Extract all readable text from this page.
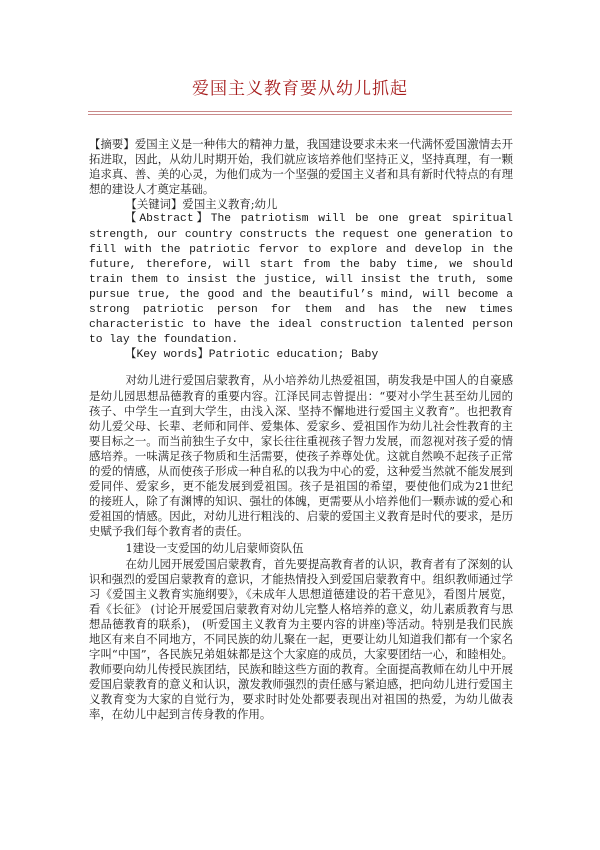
爱国主义教育要从幼儿抓起

【摘要】爱国主义是一种伟大的精神力量，我国建设要求未来一代满怀爱国激情去开拓进取，因此，从幼儿时期开始，我们就应该培养他们坚持正义，坚持真理，有一颗追求真、善、美的心灵，为他们成为一个坚强的爱国主义者和具有新时代特点的有理想的建设人才奠定基础。

【关键词】爱国主义教育;幼儿

【Abstract】The patriotism will be one great spiritual strength, our country constructs the request one generation to fill with the patriotic fervor to explore and develop in the future, therefore, will start from the baby time, we should train them to insist the justice, will insist the truth, some pursue true, the good and the beautiful’s mind, will become a strong patriotic person for them and has the new times characteristic to have the ideal construction talented person to lay the foundation.

【Key words】Patriotic education; Baby

对幼儿进行爱国启蒙教育，从小培养幼儿热爱祖国，萌发我是中国人的自豪感是幼儿园思想品德教育的重要内容。江泽民同志曾提出：“要对小学生甚至幼儿园的孩子、中学生一直到大学生，由浅入深、坚持不懈地进行爱国主义教育”。也把教育幼儿爱父母、长辈、老师和同伴、爱集体、爱家乡、爱祖国作为幼儿社会性教育的主要目标之一。而当前独生子女中，家长往往重视孩子智力发展，而忽视对孩子爱的情感培养。一味满足孩子物质和生活需要，使孩子养尊处优。这就自然唤不起孩子正常的爱的情感，从而使孩子形成一种自私的以我为中心的爱，这种爱当然就不能发展到爱同伴、爱家乡，更不能发展到爱祖国。孩子是祖国的希望，要使他们成为21世纪的接班人，除了有渊博的知识、强壮的体魄，更需要从小培养他们一颗赤诚的爱心和爱祖国的情感。因此，对幼儿进行粗浅的、启蒙的爱国主义教育是时代的要求，是历史赋予我们每个教育者的责任。

1建设一支爱国的幼儿启蒙师资队伍

在幼儿园开展爱国启蒙教育，首先要提高教育者的认识，教育者有了深刻的认识和强烈的爱国启蒙教育的意识，才能热情投入到爱国启蒙教育中。组织教师通过学习《爱国主义教育实施纲要》，《未成年人思想道德建设的若干意见》，看图片展览，看《长征》 (讨论开展爱国启蒙教育对幼儿完整人格培养的意义，幼儿素质教育与思想品德教育的联系)， (听爱国主义教育为主要内容的讲座)等活动。特别是我们民族地区有来自不同地方，不同民族的幼儿聚在一起，更要让幼儿知道我们都有一个家名字叫“中国”，各民族兄弟姐妹都是这个大家庭的成员，大家要团结一心，和睦相处。教师要向幼儿传授民族团结，民族和睦这些方面的教育。全面提高教师在幼儿中开展爱国启蒙教育的意义和认识，激发教师强烈的责任感与紧迫感，把向幼儿进行爱国主义教育变为大家的自觉行为，要求时时处处都要表现出对祖国的热爱，为幼儿做表率，在幼儿中起到言传身教的作用。
